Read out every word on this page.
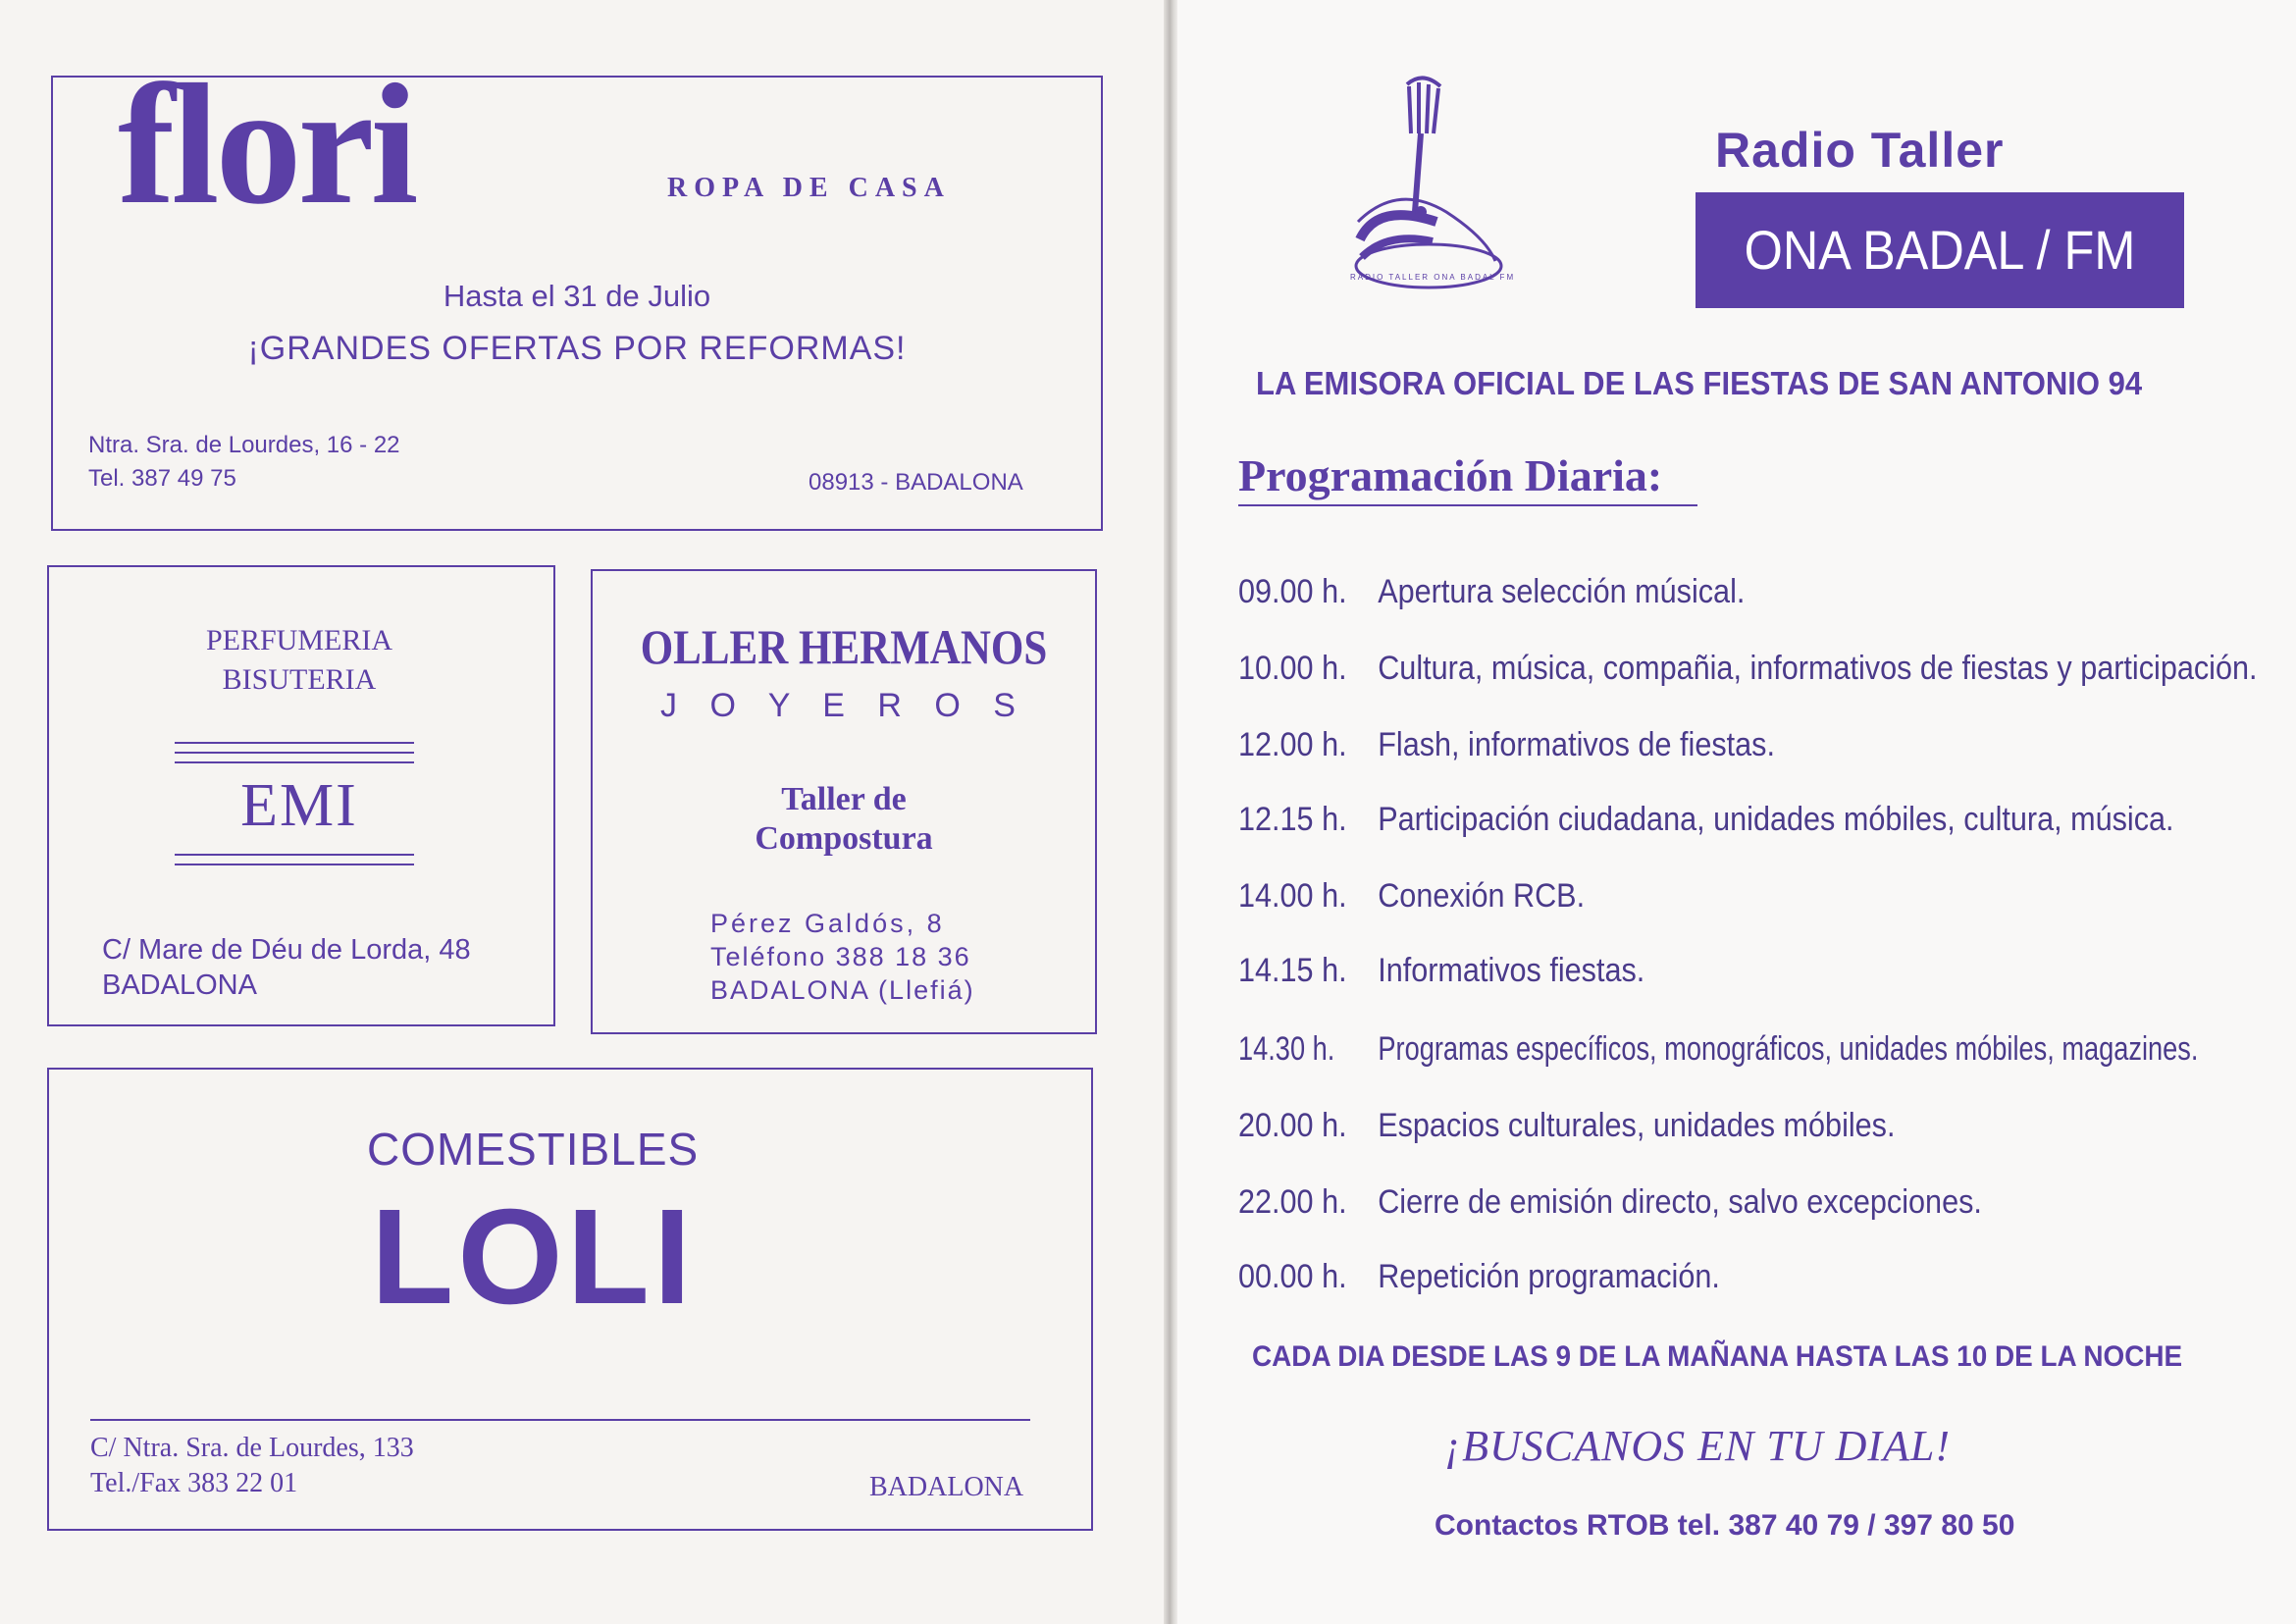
flori	ROPA DE CASA
Hasta el 31 de Julio
¡GRANDES OFERTAS POR REFORMAS!
Ntra. Sra. de Lourdes, 16 - 22
Tel. 387 49 75	08913 - BADALONA
PERFUMERIA
BISUTERIA
EMI
C/ Mare de Déu de Lorda, 48
BADALONA
OLLER HERMANOS
J O Y E R O S
Taller de
Compostura
Pérez Galdós, 8
Teléfono 388 18 36
BADALONA (Llefiá)
COMESTIBLES
LOLI
C/ Ntra. Sra. de Lourdes, 133
Tel./Fax 383 22 01	BADALONA
RADIO TALLER ONA BADAL FM
Radio Taller
ONA BADAL / FM
LA EMISORA OFICIAL DE LAS FIESTAS DE SAN ANTONIO 94
Programación Diaria:
09.00 h. Apertura selección músical.
10.00 h. Cultura, música, compañia, informativos de fiestas y participación.
12.00 h. Flash, informativos de fiestas.
12.15 h. Participación ciudadana, unidades móbiles, cultura, música.
14.00 h. Conexión RCB.
14.15 h. Informativos fiestas.
14.30 h. Programas específicos, monográficos, unidades móbiles, magazines.
20.00 h. Espacios culturales, unidades móbiles.
22.00 h. Cierre de emisión directo, salvo excepciones.
00.00 h. Repetición programación.
CADA DIA DESDE LAS 9 DE LA MAÑANA HASTA LAS 10 DE LA NOCHE
¡BUSCANOS EN TU DIAL!
Contactos RTOB tel. 387 40 79 / 397 80 50
